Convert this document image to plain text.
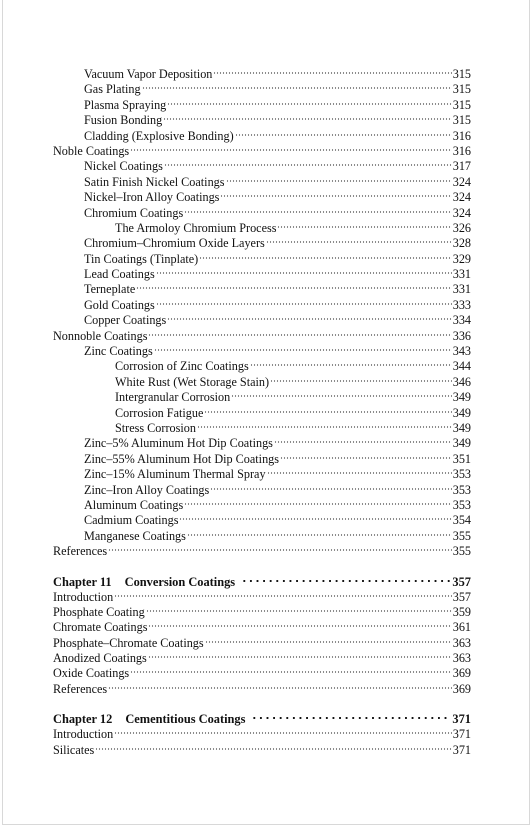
Vacuum Vapor Deposition	315
Gas Plating	315
Plasma Spraying	315
Fusion Bonding	315
Cladding (Explosive Bonding)	316
Noble Coatings	316
Nickel Coatings	317
Satin Finish Nickel Coatings	324
Nickel–Iron Alloy Coatings	324
Chromium Coatings	324
The Armoloy Chromium Process	326
Chromium–Chromium Oxide Layers	328
Tin Coatings (Tinplate)	329
Lead Coatings	331
Terneplate	331
Gold Coatings	333
Copper Coatings	334
Nonnoble Coatings	336
Zinc Coatings	343
Corrosion of Zinc Coatings	344
White Rust (Wet Storage Stain)	346
Intergranular Corrosion	349
Corrosion Fatigue	349
Stress Corrosion	349
Zinc–5% Aluminum Hot Dip Coatings	349
Zinc–55% Aluminum Hot Dip Coatings	351
Zinc–15% Aluminum Thermal Spray	353
Zinc–Iron Alloy Coatings	353
Aluminum Coatings	353
Cadmium Coatings	354
Manganese Coatings	355
References	355
Chapter 11 Conversion Coatings	357
Introduction	357
Phosphate Coating	359
Chromate Coatings	361
Phosphate–Chromate Coatings	363
Anodized Coatings	363
Oxide Coatings	369
References	369
Chapter 12 Cementitious Coatings	371
Introduction	371
Silicates	371
